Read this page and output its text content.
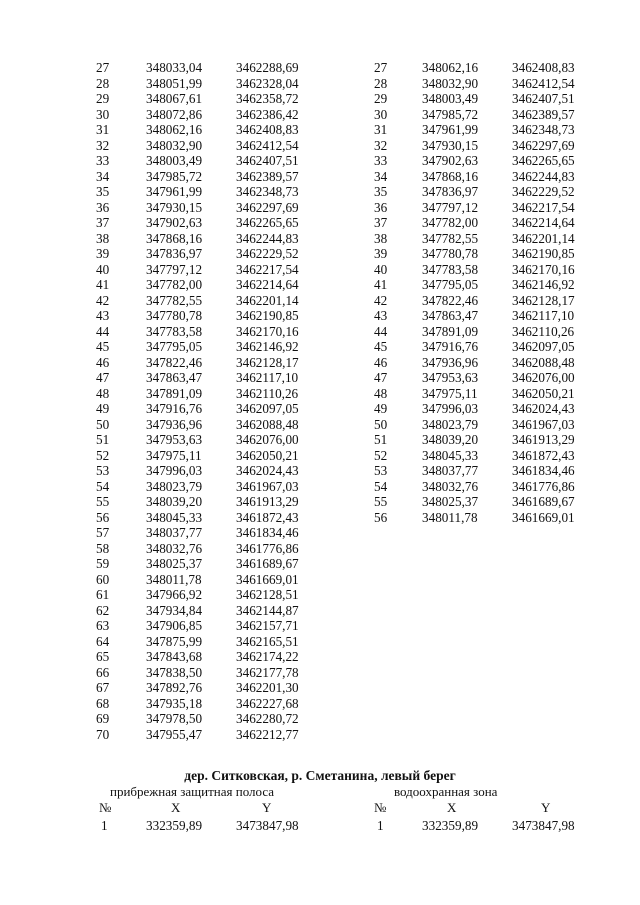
27	348033,04	3462288,69
28	348051,99	3462328,04
29	348067,61	3462358,72
30	348072,86	3462386,42
31	348062,16	3462408,83
32	348032,90	3462412,54
33	348003,49	3462407,51
34	347985,72	3462389,57
35	347961,99	3462348,73
36	347930,15	3462297,69
37	347902,63	3462265,65
38	347868,16	3462244,83
39	347836,97	3462229,52
40	347797,12	3462217,54
41	347782,00	3462214,64
42	347782,55	3462201,14
43	347780,78	3462190,85
44	347783,58	3462170,16
45	347795,05	3462146,92
46	347822,46	3462128,17
47	347863,47	3462117,10
48	347891,09	3462110,26
49	347916,76	3462097,05
50	347936,96	3462088,48
51	347953,63	3462076,00
52	347975,11	3462050,21
53	347996,03	3462024,43
54	348023,79	3461967,03
55	348039,20	3461913,29
56	348045,33	3461872,43
57	348037,77	3461834,46
58	348032,76	3461776,86
59	348025,37	3461689,67
60	348011,78	3461669,01
61	347966,92	3462128,51
62	347934,84	3462144,87
63	347906,85	3462157,71
64	347875,99	3462165,51
65	347843,68	3462174,22
66	347838,50	3462177,78
67	347892,76	3462201,30
68	347935,18	3462227,68
69	347978,50	3462280,72
70	347955,47	3462212,77
27	348062,16	3462408,83
28	348032,90	3462412,54
29	348003,49	3462407,51
30	347985,72	3462389,57
31	347961,99	3462348,73
32	347930,15	3462297,69
33	347902,63	3462265,65
34	347868,16	3462244,83
35	347836,97	3462229,52
36	347797,12	3462217,54
37	347782,00	3462214,64
38	347782,55	3462201,14
39	347780,78	3462190,85
40	347783,58	3462170,16
41	347795,05	3462146,92
42	347822,46	3462128,17
43	347863,47	3462117,10
44	347891,09	3462110,26
45	347916,76	3462097,05
46	347936,96	3462088,48
47	347953,63	3462076,00
48	347975,11	3462050,21
49	347996,03	3462024,43
50	348023,79	3461967,03
51	348039,20	3461913,29
52	348045,33	3461872,43
53	348037,77	3461834,46
54	348032,76	3461776,86
55	348025,37	3461689,67
56	348011,78	3461669,01
дер. Ситковская, р. Сметанина, левый берег
прибрежная защитная полоса	водоохранная зона
№	X	Y	№	X	Y
1	332359,89	3473847,98	1	332359,89	3473847,98
